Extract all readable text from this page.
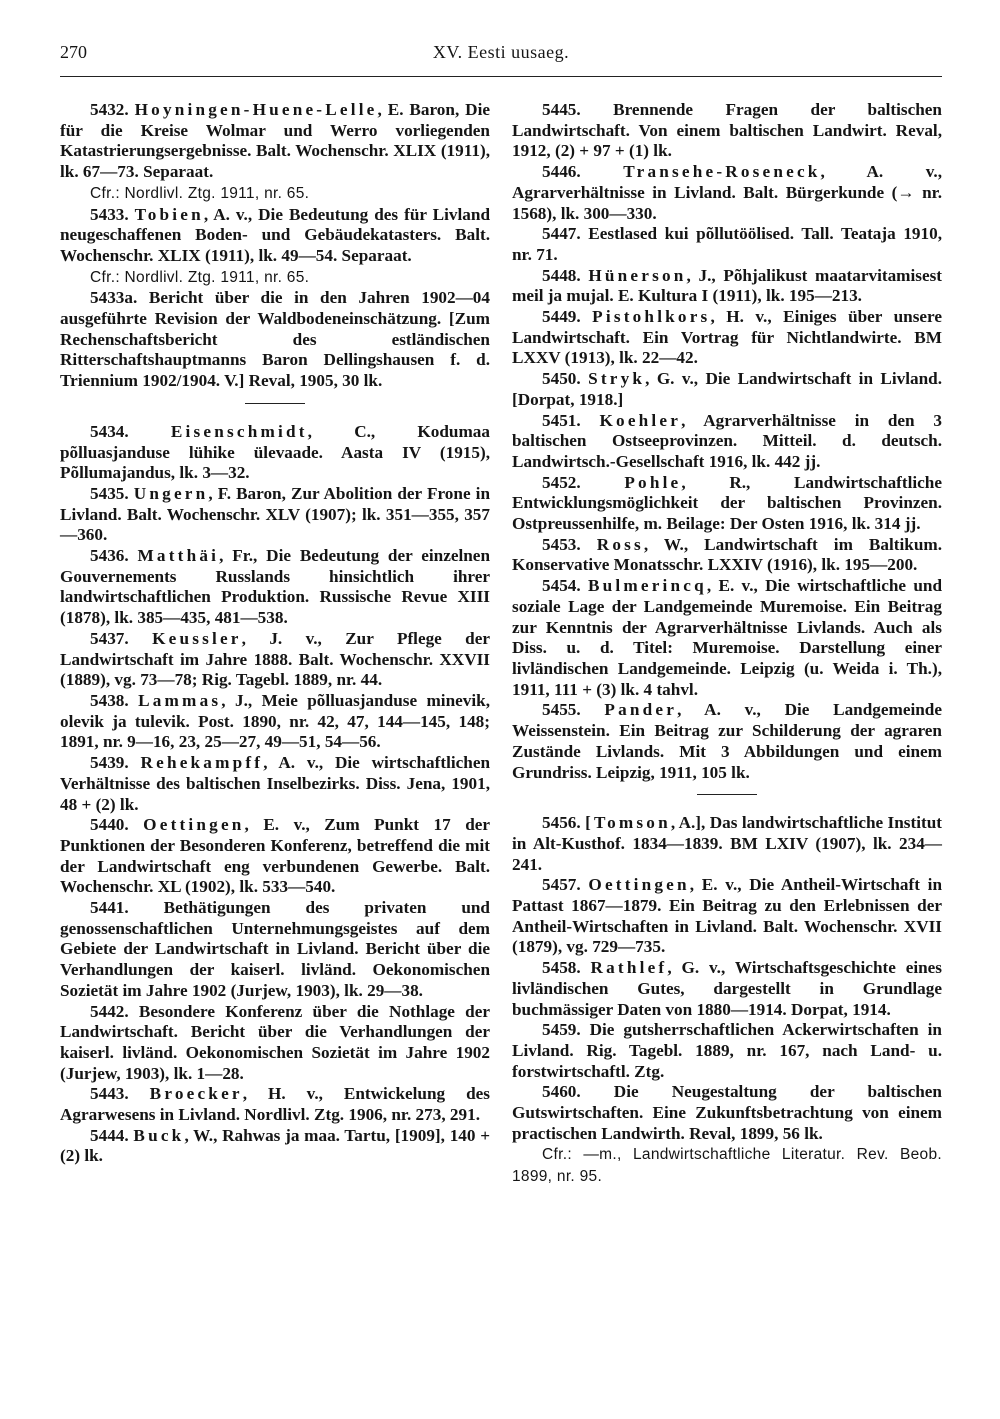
270	XV. Eesti uusaeg.

5432. Hoyningen-Huene-Lelle, E. Baron, Die für die Kreise Wolmar und Werro vorliegenden Katastrierungsergebnisse. Balt. Wochenschr. XLIX (1911), lk. 67—73. Separaat.

Cfr.: Nordlivl. Ztg. 1911, nr. 65.

5433. Tobien, A. v., Die Bedeutung des für Livland neugeschaffenen Boden- und Gebäudekatasters. Balt. Wochenschr. XLIX (1911), lk. 49—54. Separaat.

Cfr.: Nordlivl. Ztg. 1911, nr. 65.

5433a. Bericht über die in den Jahren 1902—04 ausgeführte Revision der Waldbodeneinschätzung. [Zum Rechenschaftsbericht des estländischen Ritterschaftshauptmanns Baron Dellingshausen f. d. Triennium 1902/1904. V.] Reval, 1905, 30 lk.

5434. Eisenschmidt, C., Kodumaa põlluasjanduse lühike ülevaade. Aasta IV (1915), Põllumajandus, lk. 3—32.

5435. Ungern, F. Baron, Zur Abolition der Frone in Livland. Balt. Wochenschr. XLV (1907); lk. 351—355, 357—360.

5436. Matthäi, Fr., Die Bedeutung der einzelnen Gouvernements Russlands hinsichtlich ihrer landwirtschaftlichen Produktion. Russische Revue XIII (1878), lk. 385—435, 481—538.

5437. Keussler, J. v., Zur Pflege der Landwirtschaft im Jahre 1888. Balt. Wochenschr. XXVII (1889), vg. 73—78; Rig. Tagebl. 1889, nr. 44.

5438. Lammas, J., Meie põlluasjanduse minevik, olevik ja tulevik. Post. 1890, nr. 42, 47, 144—145, 148; 1891, nr. 9—16, 23, 25—27, 49—51, 54—56.

5439. Rehekampff, A. v., Die wirtschaftlichen Verhältnisse des baltischen Inselbezirks. Diss. Jena, 1901, 48 + (2) lk.

5440. Oettingen, E. v., Zum Punkt 17 der Punktionen der Besonderen Konferenz, betreffend die mit der Landwirtschaft eng verbundenen Gewerbe. Balt. Wochenschr. XL (1902), lk. 533—540.

5441. Bethätigungen des privaten und genossenschaftlichen Unternehmungsgeistes auf dem Gebiete der Landwirtschaft in Livland. Bericht über die Verhandlungen der kaiserl. livländ. Oekonomischen Sozietät im Jahre 1902 (Jurjew, 1903), lk. 29—38.

5442. Besondere Konferenz über die Nothlage der Landwirtschaft. Bericht über die Verhandlungen der kaiserl. livländ. Oekonomischen Sozietät im Jahre 1902 (Jurjew, 1903), lk. 1—28.

5443. Broecker, H. v., Entwickelung des Agrarwesens in Livland. Nordlivl. Ztg. 1906, nr. 273, 291.

5444. Buck, W., Rahwas ja maa. Tartu, [1909], 140 + (2) lk.

5445. Brennende Fragen der baltischen Landwirtschaft. Von einem baltischen Landwirt. Reval, 1912, (2) + 97 + (1) lk.

5446. Transehe-Roseneck, A. v., Agrarverhältnisse in Livland. Balt. Bürgerkunde (→ nr. 1568), lk. 300—330.

5447. Eestlased kui põllutöölised. Tall. Teataja 1910, nr. 71.

5448. Hünerson, J., Põhjalikust maatarvitamisest meil ja mujal. E. Kultura I (1911), lk. 195—213.

5449. Pistohlkors, H. v., Einiges über unsere Landwirtschaft. Ein Vortrag für Nichtlandwirte. BM LXXV (1913), lk. 22—42.

5450. Stryk, G. v., Die Landwirtschaft in Livland. [Dorpat, 1918.]

5451. Koehler, Agrarverhältnisse in den 3 baltischen Ostseeprovinzen. Mitteil. d. deutsch. Landwirtsch.-Gesellschaft 1916, lk. 442 jj.

5452.	Pohle, R., Landwirtschaftliche Entwicklungsmöglichkeit der baltischen Provinzen. Ostpreussenhilfe, m. Beilage: Der Osten 1916, lk. 314 jj.

5453. Ross, W., Landwirtschaft im Baltikum. Konservative Monatsschr. LXXIV (1916), lk. 195—200.

5454. Bulmerincq, E. v., Die wirtschaftliche und soziale Lage der Landgemeinde Muremoise. Ein Beitrag zur Kenntnis der Agrarverhältnisse Livlands. Auch als Diss. u. d. Titel: Muremoise. Darstellung einer livländischen Landgemeinde. Leipzig (u. Weida i. Th.), 1911, 111 + (3) lk. 4 tahvl.

5455. Pander, A. v., Die Landgemeinde Weissenstein. Ein Beitrag zur Schilderung der agraren Zustände Livlands. Mit 3 Abbildungen und einem Grundriss. Leipzig, 1911, 105 lk.

5456. [Tomson, A.], Das landwirtschaftliche Institut in Alt-Kusthof. 1834—1839. BM LXIV (1907), lk. 234—241.

5457. Oettingen, E. v., Die Antheil-Wirtschaft in Pattast 1867—1879. Ein Beitrag zu den Erlebnissen der Antheil-Wirtschaften in Livland. Balt. Wochenschr. XVII (1879), vg. 729—735.

5458. Rathlef, G. v., Wirtschaftsgeschichte eines livländischen Gutes, dargestellt in Grundlage buchmässiger Daten von 1880—1914. Dorpat, 1914.

5459. Die gutsherrschaftlichen Ackerwirtschaften in Livland. Rig. Tagebl. 1889, nr. 167, nach Land- u. forstwirtschaftl. Ztg.

5460. Die Neugestaltung der baltischen Gutswirtschaften. Eine Zukunftsbetrachtung von einem practischen Landwirth. Reval, 1899, 56 lk.

Cfr.: —m., Landwirtschaftliche Literatur. Rev. Beob. 1899, nr. 95.
